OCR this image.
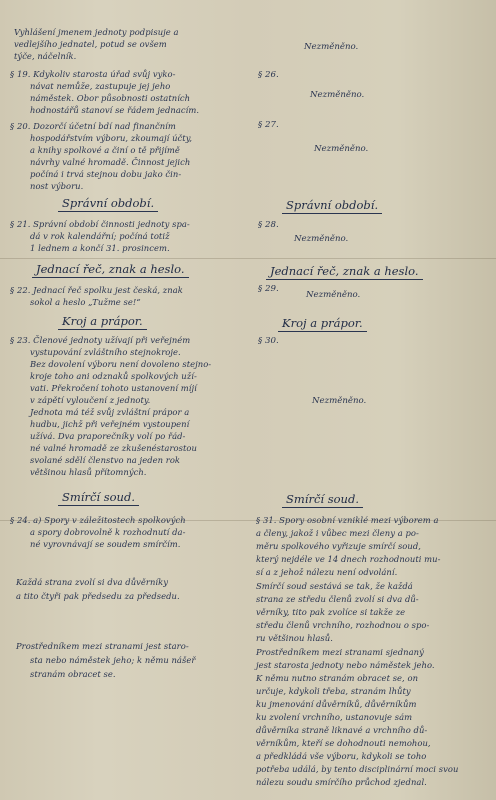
Vyhlášení jmenem jednoty podpisuje a
vedlejšího jednatel, potud se ovšem
týče, náčelník.
§ 19. Kdykoliv starosta úřad svůj vyko-
návat nemůže, zastupuje jej jeho
náměstek. Obor působnosti ostatních
hodnostářů stanoví se řádem jednacím.
§ 20. Dozorčí účetní bdí nad finančním
hospodářstvím výboru, zkoumají účty,
a knihy spolkové a činí o tě přijímě
návrhy valné hromadě. Činnost jejich
počíná i trvá stejnou dobu jako čin-
nost výboru.
Správní období.
§ 21. Správní období činnosti jednoty spa-
dá v rok kalendářní; počíná totiž
1 lednem a končí 31. prosincem.
Jednací řeč, znak a heslo.
§ 22. Jednací řeč spolku jest česká, znak
sokol a heslo „Tužme se!“
Kroj a prápor.
§ 23. Členové jednoty užívají při veřejném
vystupování zvláštního stejnokroje.
Bez dovolení výboru není dovoleno stejno-
kroje toho ani odznaků spolkových uží-
vati. Překročení tohoto ustanovení míjí
v zápětí vyloučení z jednoty.
Jednota má též svůj zvláštní prápor a
hudbu, jichž při veřejném vystoupení
užívá. Dva praporečníky volí po řád-
né valné hromadě ze zkušenéstarostou
svolané sdělí členstvo na jeden rok
většinou hlasů přítomných.
Smírčí soud.
§ 24. a) Spory v záležitostech spolkových
a spory dobrovolně k rozhodnutí da-
né vyrovnávají se soudem smírčím.
Každá strana zvolí si dva důvěrníky
a tito čtyři pak předsedu za předsedu.
Prostředníkem mezi stranami jest staro-
sta nebo náměstek jeho; k němu nášeř
stranám obracet se.
Nezměněno.
§ 26.
Nezměněno.
§ 27.
Nezměněno.
Správní období.
§ 28.
Nezměněno.
Jednací řeč, znak a heslo.
§ 29.
Nezměněno.
Kroj a prápor.
§ 30.
Nezměněno.
Smírčí soud.
§ 31. Spory osobní vzniklé mezi výborem a
a členy, jakož i vůbec mezi členy a po-
měru spolkového vyřizuje smírčí soud,
který nejdéle ve 14 dnech rozhodnouti mu-
sí a z jehož nálezu není odvolání.
Smírčí soud sestává se tak, že každá
strana ze středu členů zvolí si dva dů-
věrníky, tito pak zvolíce si takže ze
středu členů vrchního, rozhodnou o spo-
ru většinou hlasů.
Prostředníkem mezi stranami sjednaný
jest starosta jednoty nebo náměstek jeho.
K němu nutno stranám obracet se, on
určuje, kdykoli třeba, stranám lhůty
ku jmenování důvěrníků, důvěrníkům
ku zvolení vrchního, ustanovuje sám
důvěrníka straně liknavé a vrchního dů-
věrníkům, kteří se dohodnouti nemohou,
a předkládá vše výboru, kdykoli se toho
potřeba událá, by tento disciplinární moci svou
nálezu soudu smírčího průchod zjednal.
